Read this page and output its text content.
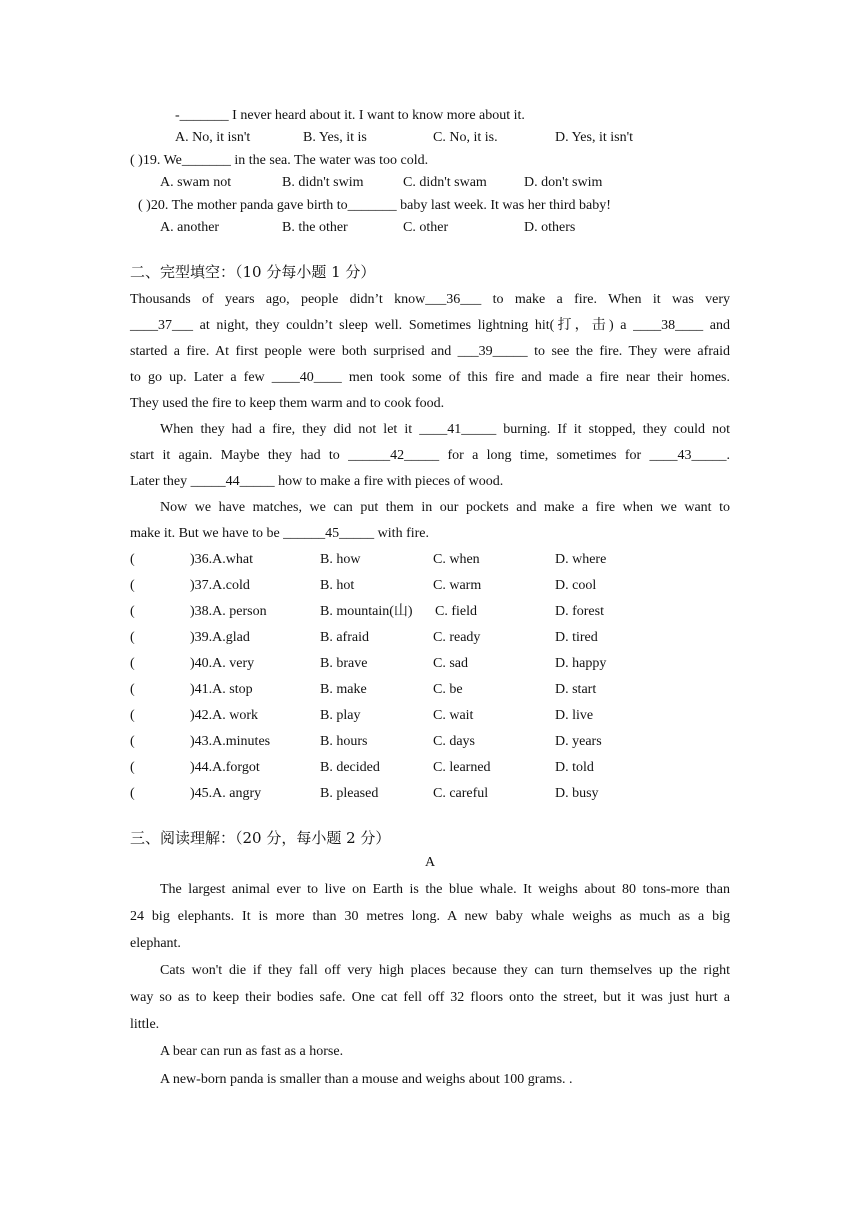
-_______ I never heard about it. I want to know more about it.
A. No, it isn't	B. Yes, it is	C. No, it is.	D. Yes, it isn't
( )19. We_______ in the sea. The water was too cold.
A. swam not	B. didn't swim	C. didn't swam	D. don't swim
( )20. The mother panda gave birth to_______ baby last week. It was her third baby!
A. another	B. the other	C. other	D. others
二、完型填空：（10 分每小题 1 分）
Thousands of years ago, people didn’t know___36___ to make a fire. When it was very
____37___ at night, they couldn’t sleep well. Sometimes lightning hit(打，击) a ____38____ and
started a fire. At first people were both surprised and ___39_____ to see the fire. They were afraid
to go up. Later a few ____40____ men took some of this fire and made a fire near their homes.
They used the fire to keep them warm and to cook food.
When they had a fire, they did not let it ____41_____ burning. If it stopped, they could not
start it again. Maybe they had to ______42_____ for a long time, sometimes for ____43_____.
Later they _____44_____ how to make a fire with pieces of wood.
Now we have matches, we can put them in our pockets and make a fire when we want to
make it. But we have to be ______45_____ with fire.
(	)36.A.what	B. how	C. when	D. where
(	)37.A.cold	B. hot	C. warm	D. cool
(	)38.A. person	B. mountain(山) C. field	D. forest
(	)39.A.glad	B. afraid	C. ready	D. tired
(	)40.A. very	B. brave	C. sad	D. happy
(	)41.A. stop	B. make	C. be	D. start
(	)42.A. work	B. play	C. wait	D. live
(	)43.A.minutes	B. hours	C. days	D. years
(	)44.A.forgot	B. decided	C. learned	D. told
(	)45.A. angry	B. pleased	C. careful	D. busy
三、阅读理解：（20 分，每小题 2 分）
A
The largest animal ever to live on Earth is the blue whale. It weighs about 80 tons-more than
24 big elephants. It is more than 30 metres long. A new baby whale weighs as much as a big
elephant.
Cats won't die if they fall off very high places because they can turn themselves up the right
way so as to keep their bodies safe. One cat fell off 32 floors onto the street, but it was just hurt a
little.
A bear can run as fast as a horse.
A new-born panda is smaller than a mouse and weighs about 100 grams. .
